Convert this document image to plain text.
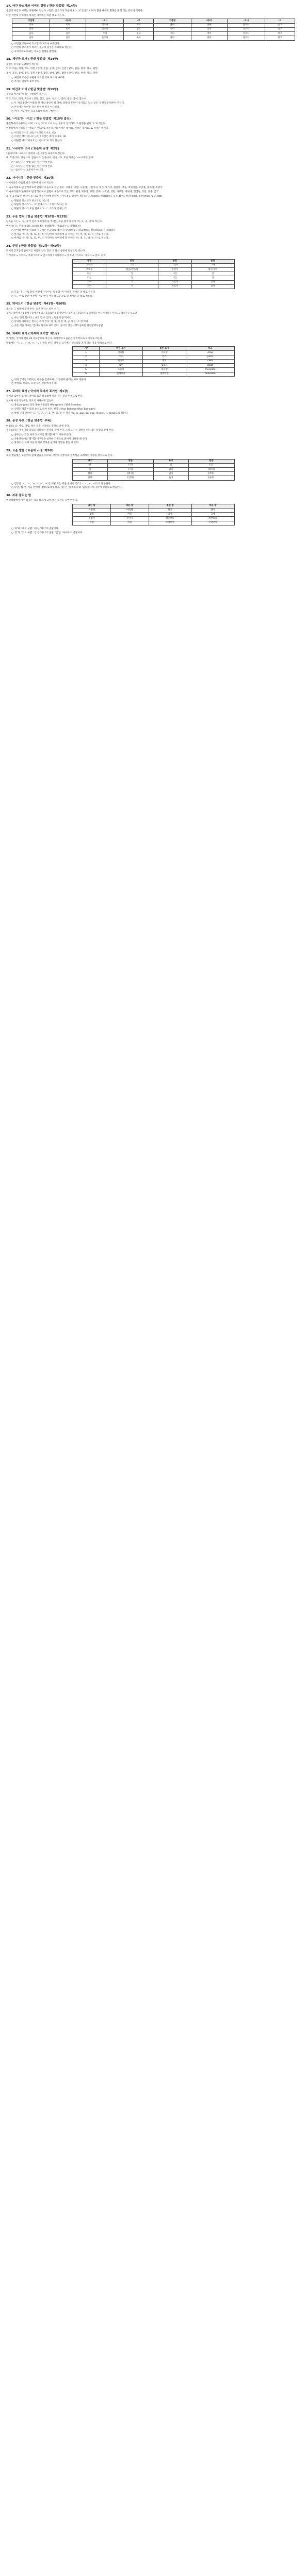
17. 어간 끝소리와 어미의 결합 ('한글 맞춤법' 제14항)
용언의 어간과 어미는 구별하여 적는다. 어간의 끝소리가 모음이나 'ㄹ'로 끝나고 어미가 붙을 때에도 형태를 밝혀 적는 것이 원칙이다.
다만 어간의 끝소리가 바뀌는 경우에는 바뀐 대로 적는다.
기본형	-아/어	-으니	-고	기본형	-아/어	-으니	-고
먹다	먹어	먹으니	먹고	좁다	좁아	좁으니	좁고
믿다	믿어	믿으니	믿고	신다	신어	신으니	신고
울다	울어	우니	울고	적다	적어	적으니	적고
웃다	웃어	웃으니	웃고	잡다	잡아	잡으니	잡고
○ 어간을 고정하여 적으면 뜻 파악이 쉬워진다.
○ 어간의 끝소리가 바뀌는 불규칙 용언은 소리대로 적는다.
○ 규칙적으로 바뀌는 경우는 원형을 밝힌다.
18. 체언과 조사 ('한글 맞춤법' 제14항)
체언은 조사와 구별하여 적는다.
떡이, 떡을, 떡에, 떡도, 떡만 / 손이, 손을, 손에, 손도, 손만 / 팔이, 팔을, 팔에, 팔도, 팔만
꽃이, 꽃을, 꽃에, 꽃도, 꽃만 / 밭이, 밭을, 밭에, 밭도, 밭만 / 앞이, 앞을, 앞에, 앞도, 앞만
○ 체언과 조사를 구별해 적으면 의미 파악이 빠르다.
○ 조사는 앞말에 붙여 쓴다.
19. 어간과 어미 ('한글 맞춤법' 제15항)
용언의 어간과 어미는 구별하여 적는다.
먹다, 먹고, 먹어, 먹으니 / 신다, 신고, 신어, 신으니 / 좋다, 좋고, 좋아, 좋으니
○ 두 개의 용언이 어울려 한 개의 용언이 될 적에, 앞말의 본뜻이 유지되고 있는 것은 그 원형을 밝히어 적는다.
○ 본뜻에서 멀어진 것은 밝히어 적지 아니한다.
○ 어미 '-아/-어'는 모음조화에 따라 구별한다.
20. '-이요'와 '-이오' ('한글 맞춤법' 제15항 붙임)
종결형에서 사용되는 어미 '-오'는 '요'로 소리 나는 경우가 있더라도 그 원형을 밝혀 '오'로 적는다.
연결형에서 사용되는 '이요'는 '이요'로 적는다. 예) 이것은 책이요, 저것은 붓이요, 또 저것은 먹이다.
○ 이리로 오시오. (O) / 이리로 오시요. (X)
○ 이것은 책이 아니오. (O) / 이것은 책이 아니요. (X)
○ 대답할 때의 '아니요'는 '아니오'로 적지 않는다.
21. '-니다'와 조사 ('표준어 규정' 제2항)
'-습니다'와 '-ㅂ니다' 중에서 '-습니다'를 표준어로 삼는다.
예) 먹습니다, 갔습니다, 없습니다, 있습니다, 좋습니다, 모음 뒤에는 '-ㅂ니다'를 쓴다.
○ '-습니다'는 받침 있는 어간 뒤에 쓴다.
○ '-ㅂ니다'는 받침 없는 어간 뒤에 쓴다.
○ '-읍니다'는 표준어가 아니다.
22. 사이시옷 ('한글 맞춤법' 제30항)
사이시옷은 다음과 같은 경우에 받치어 적는다.
1. 순우리말로 된 합성어로서 앞말이 모음으로 끝난 경우: 고랫재, 귓밥, 나룻배, 나뭇가지, 냇가, 댓가지, 뒷갈망, 맷돌, 머릿기름, 모깃불, 못자리, 바닷가
2. 순우리말과 한자어로 된 합성어로서 앞말이 모음으로 끝난 경우: 귓병, 머릿방, 뱃병, 봇둑, 사잣밥, 샛강, 아랫방, 자릿세, 전셋집, 찻잔, 찻종, 촛국
3. 두 음절로 된 한자어 중 다음 여섯 단어에 한하여 사이시옷을 받치어 적는다: 곳간(庫間), 셋방(貰房), 숫자(數字), 찻간(車間), 툇간(退間), 횟수(回數)
○ 뒷말의 첫소리가 된소리로 나는 것
○ 뒷말의 첫소리 'ㄴ, ㅁ' 앞에서 'ㄴ' 소리가 덧나는 것
○ 뒷말의 첫소리 모음 앞에서 'ㄴㄴ' 소리가 덧나는 것
23. 두음 법칙 ('한글 맞춤법' 제10항~제12항)
한자음 '녀, 뇨, 뉴, 니'가 단어 첫머리에 올 적에는, 두음 법칙에 따라 '여, 요, 유, 이'로 적는다.
여자(女子), 연세(年歲), 요소(尿素), 유대(紐帶), 이토(泥土), 익명(匿名)
○ 단어의 첫머리 이외의 경우에는 본음대로 적는다: 남녀(男女), 당뇨(糖尿), 결뉴(結紐), 은닉(隱匿)
○ 한자음 '랴, 려, 례, 료, 류, 리'가 단어의 첫머리에 올 적에는 '야, 여, 예, 요, 유, 이'로 적는다.
○ 한자음 '라, 래, 로, 뢰, 루, 르'가 단어의 첫머리에 올 적에는 '나, 내, 노, 뇌, 누, 느'로 적는다.
24. 준말 ('한글 맞춤법' 제32항~제40항)
단어의 끝모음이 줄어지고 자음만 남은 것은 그 앞의 음절에 받침으로 적는다.
기러기야 → 기럭아 / 어제그저께 → 엊그저께 / 어제저녁 → 엊저녁 / 가지고, 가지지 → 갖고, 갖지
본말	준말	본말	준말
그것은	그건	그것이	그게
무엇을	뭣을/무얼/뭘	무엇이	뭣이/무에
나는	난	나를	날
너는	넌	너를	널
가아	가	가았다	갔다
켜어	켜	켜었다	켰다
○ 모음 'ㅏ, ㅓ'로 끝난 어간에 '-아/-어, -았-/-었-'이 어울릴 적에는 준 대로 적는다.
○ 'ㅗ, ㅜ'로 끝난 어간에 '-아/-어'가 어울려 'ㅘ/ㅝ'로 될 적에는 준 대로 적는다.
25. 띄어쓰기 ('한글 맞춤법' 제41항~제50항)
조사는 그 앞말에 붙여 쓴다. 의존 명사는 띄어 쓴다.
꽃이 / 꽃마저 / 꽃밖에 / 꽃에서부터 / 꽃으로만 / 꽃이나마 / 꽃이다 / 꽃입니다 / 꽃처럼 / 어디까지나 / 거기도 / 멀리는 / 웃고만
○ 아는 것이 힘이다. / 나도 할 수 있다. / 먹을 만큼 먹어라.
○ 단위를 나타내는 명사는 띄어 쓴다: 한 개, 차 한 대, 금 서 돈, 소 한 마리
○ 수를 적을 적에는 '만(萬)' 단위로 띄어 쓴다: 십이억 삼천사백오십육만 칠천팔백구십팔
26. 외래어 표기 ('외래어 표기법' 제1장)
외래어는 국어의 현용 24 자모만으로 적는다. 외래어의 1 음운은 원칙적으로 1 기호로 적는다.
받침에는 'ㄱ, ㄴ, ㄹ, ㅁ, ㅂ, ㅅ, ㅇ'만을 쓴다. 파열음 표기에는 된소리를 쓰지 않는 것을 원칙으로 한다.
구분	바른 표기	틀린 표기	비고
1	커피숍	커피샵	shop
2	주스	쥬스	juice
3	케이크	케잌	cake
4	로봇	로보트	robot
5	초콜릿	쵸콜렛	chocolate
6	텔레비전	텔레비젼	television
○ 이미 굳어진 외래어는 관용을 존중하되, 그 범위와 용례는 따로 정한다.
○ 카메라, 라디오, 모델 등은 관용에 따른다.
27. 로마자 표기 ('국어의 로마자 표기법' 제1장)
국어의 로마자 표기는 국어의 표준 발음법에 따라 적는 것을 원칙으로 한다.
로마자 이외의 부호는 되도록 사용하지 않는다.
○ 종로 Jongno / 신라 Silla / 왕십리 Wangsimni / 별내 Byeollae
○ 인명은 성과 이름의 순서로 띄어 쓴다: 한복남 Han Boknam (Han Bok-nam)
○ 행정 구역 단위인 '도, 시, 군, 구, 읍, 면, 리, 동'은 각각 'do, si, gun, gu, eup, myeon, ri, dong'으로 적는다.
28. 문장 부호 ('한글 맞춤법' 부록)
마침표(.)는 서술, 명령, 청유 등을 나타내는 문장의 끝에 쓴다.
물음표(?)는 질문이나 의심을 나타내는 문장의 끝에 쓴다. 느낌표(!)는 감탄을 나타내는 문장의 끝에 쓴다.
○ 쉼표(,)는 같은 자격의 어구를 열거할 때 그 사이에 쓴다.
○ 가운뎃점(·)은 열거할 어구들을 일정한 기준으로 묶어서 나타낼 때 쓴다.
○ 쌍점(:)은 표제 다음에 해당 항목을 들거나 설명을 붙일 때 쓴다.
29. 표준 발음 ('표준어 규정' 제2부)
표준 발음법은 표준어의 실제 발음을 따르되, 국어의 전통성과 합리성을 고려하여 정함을 원칙으로 한다.
표기	발음	표기	발음
닭	[닥]	값	[갑]
넋	[넉]	없다	[업ː따]
밟다	[밥ː따]	맑다	[막따]
넓다	[널따]	읊다	[읍따]
○ 겹받침 'ㄳ', 'ㄵ', 'ㄼ, ㄽ, ㄾ', 'ㅄ'은 어말 또는 자음 앞에서 각각 [ㄱ, ㄴ, ㄹ, ㅂ]으로 발음한다.
○ 다만, '밟-'은 자음 앞에서 [밥]으로 발음하고, '넓-'은 '넓죽하다'와 '넓둥글다'의 경우에 [넙]으로 발음한다.
30. 자주 틀리는 말
일상생활에서 자주 틀리는 말을 바르게 고쳐 쓰는 습관을 들여야 한다.
틀린 말	바른 말	틀린 말	바른 말
어떻해	어떡해	웬지	왠지
몇일	며칠	금새	금세
설겆이	설거지	희안하다	희한하다
역활	역할	오랫만에	오랜만에
○ '되'와 '돼'의 구별: '돼'는 '되어'의 준말이다.
○ '안'과 '않'의 구별: '안'은 '아니'의 준말, '않'은 '아니하'의 준말이다.
